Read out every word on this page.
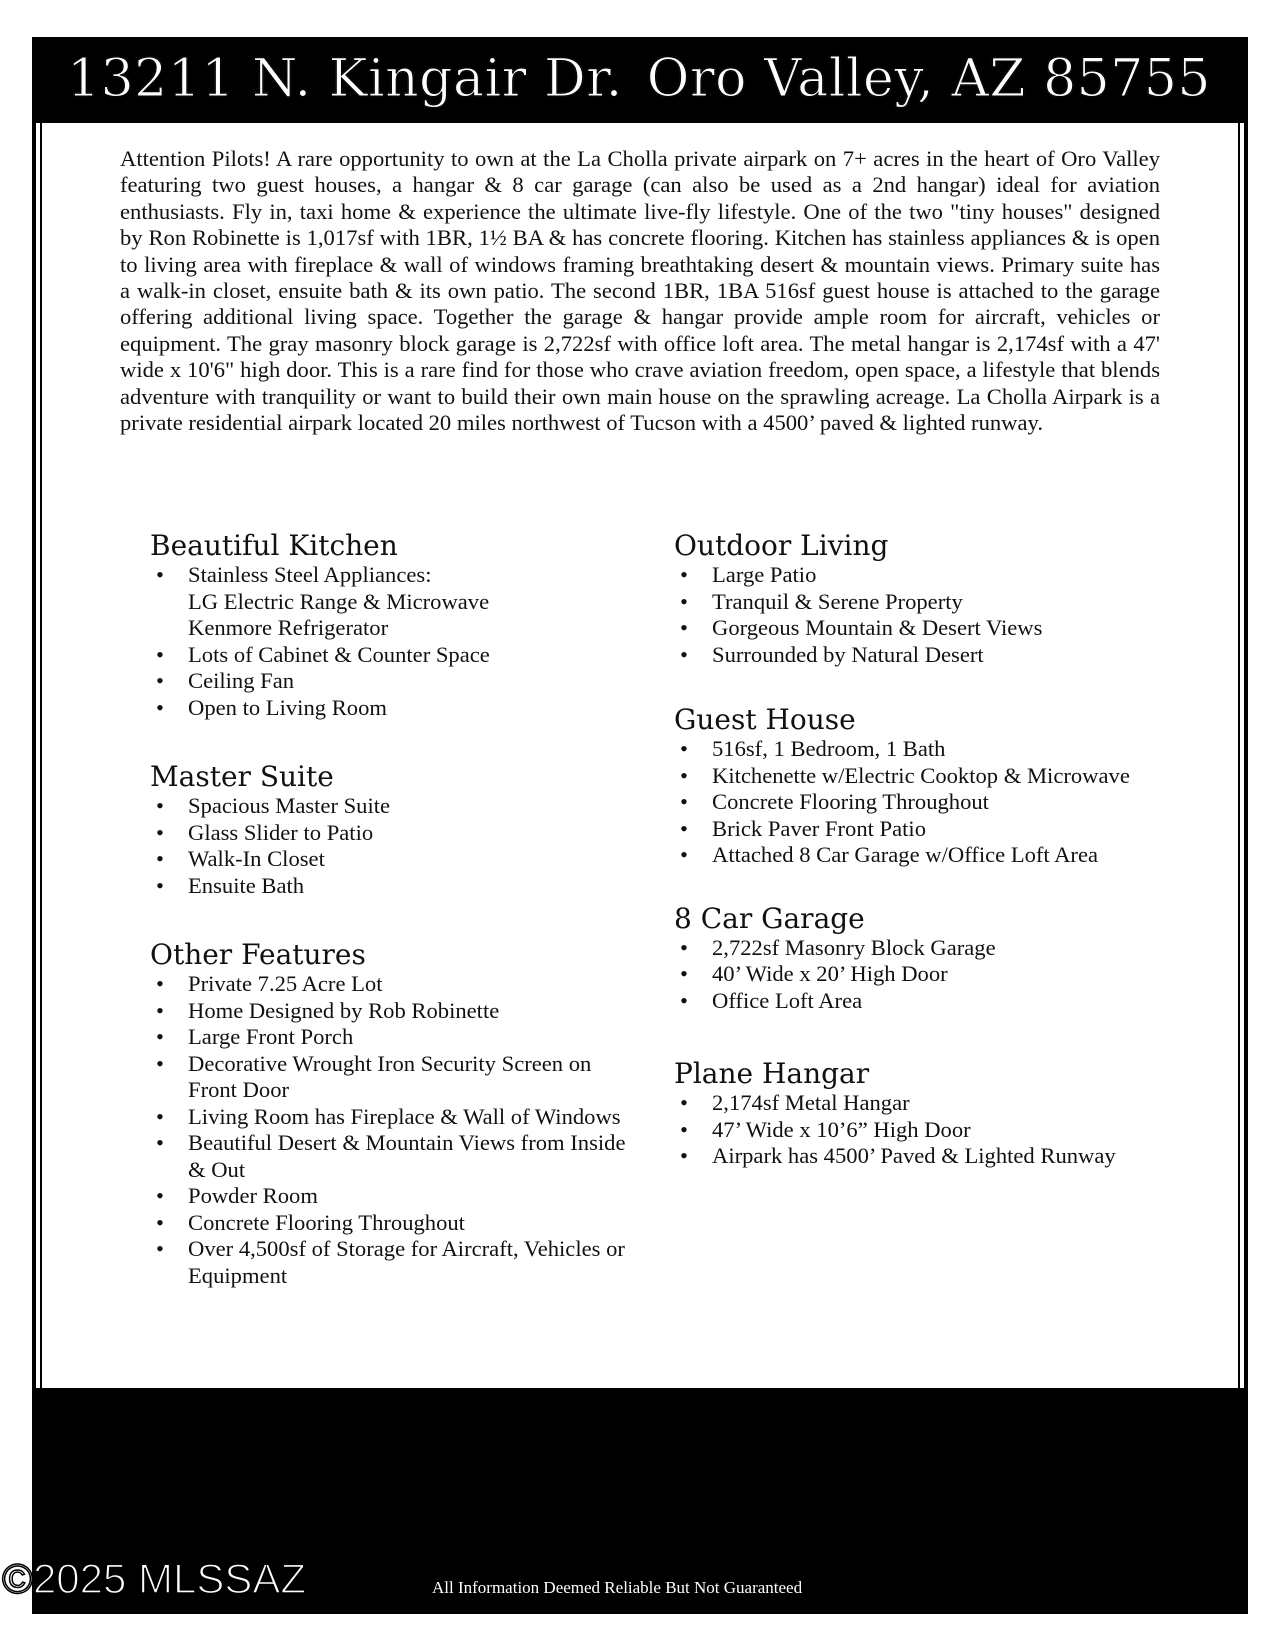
13211 N. Kingair Dr. Oro Valley, AZ 85755

Attention Pilots! A rare opportunity to own at the La Cholla private airpark on 7+ acres in the heart of Oro Valley featuring two guest houses, a hangar & 8 car garage (can also be used as a 2nd hangar) ideal for aviation enthusiasts. Fly in, taxi home & experience the ultimate live-fly lifestyle. One of the two "tiny houses" designed by Ron Robinette is 1,017sf with 1BR, 1½ BA & has concrete flooring. Kitchen has stainless appliances & is open to living area with fireplace & wall of windows framing breathtaking desert & mountain views. Primary suite has a walk-in closet, ensuite bath & its own patio. The second 1BR, 1BA 516sf guest house is attached to the garage offering additional living space. Together the garage & hangar provide ample room for aircraft, vehicles or equipment. The gray masonry block garage is 2,722sf with office loft area. The metal hangar is 2,174sf with a 47' wide x 10'6" high door. This is a rare find for those who crave aviation freedom, open space, a lifestyle that blends adventure with tranquility or want to build their own main house on the sprawling acreage. La Cholla Airpark is a private residential airpark located 20 miles northwest of Tucson with a 4500’ paved & lighted runway.

Beautiful Kitchen
• Stainless Steel Appliances:
LG Electric Range & Microwave
Kenmore Refrigerator
• Lots of Cabinet & Counter Space
• Ceiling Fan
• Open to Living Room
Master Suite
• Spacious Master Suite
• Glass Slider to Patio
• Walk-In Closet
• Ensuite Bath
Other Features
• Private 7.25 Acre Lot
• Home Designed by Rob Robinette
• Large Front Porch
• Decorative Wrought Iron Security Screen on Front Door
• Living Room has Fireplace & Wall of Windows
• Beautiful Desert & Mountain Views from Inside & Out
• Powder Room
• Concrete Flooring Throughout
• Over 4,500sf of Storage for Aircraft, Vehicles or Equipment
Outdoor Living
• Large Patio
• Tranquil & Serene Property
• Gorgeous Mountain & Desert Views
• Surrounded by Natural Desert
Guest House
• 516sf, 1 Bedroom, 1 Bath
• Kitchenette w/Electric Cooktop & Microwave
• Concrete Flooring Throughout
• Brick Paver Front Patio
• Attached 8 Car Garage w/Office Loft Area
8 Car Garage
• 2,722sf Masonry Block Garage
• 40’ Wide x 20’ High Door
• Office Loft Area
Plane Hangar
• 2,174sf Metal Hangar
• 47’ Wide x 10’6” High Door
• Airpark has 4500’ Paved & Lighted Runway
©2025 MLSSAZ	All Information Deemed Reliable But Not Guaranteed
